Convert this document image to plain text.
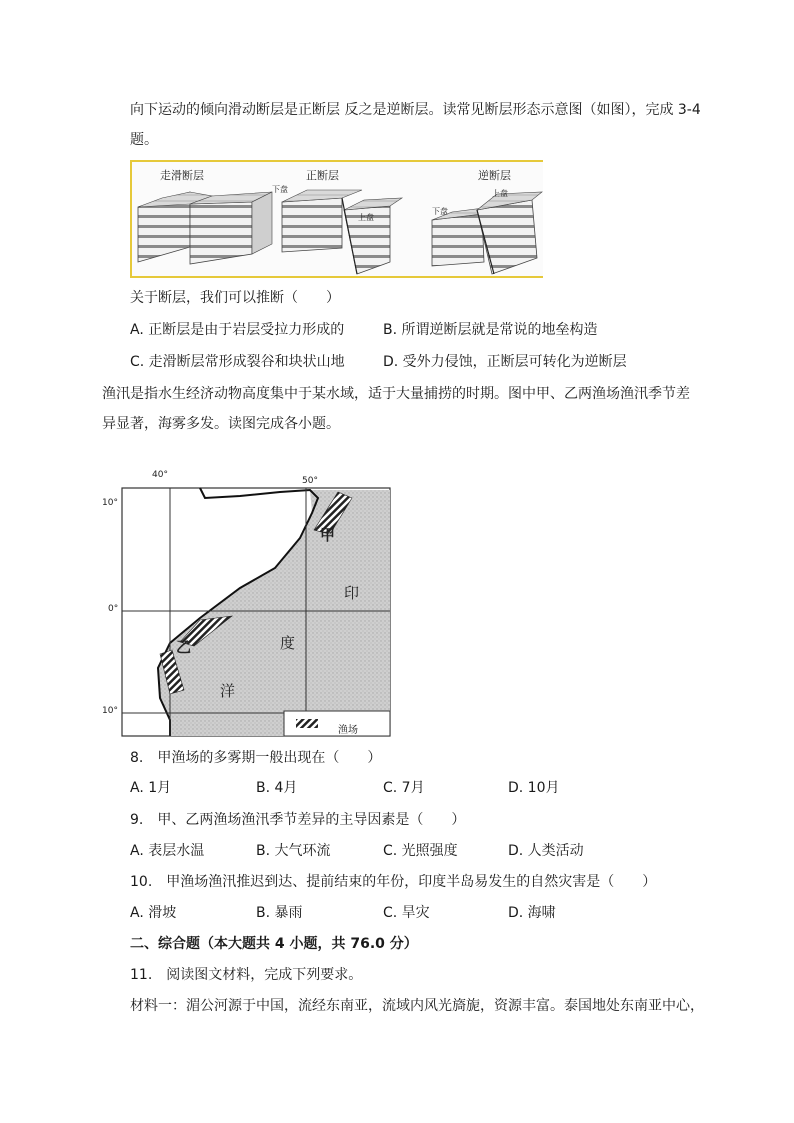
向下运动的倾向滑动断层是正断层 反之是逆断层。读常见断层形态示意图（如图），完成 3-4
题。
走滑断层	正断层	逆断层
下盘
上盘
下盘
上盘
关于断层，我们可以推断（　　）
A. 正断层是由于岩层受拉力形成的	B. 所谓逆断层就是常说的地垒构造
C. 走滑断层常形成裂谷和块状山地	D. 受外力侵蚀，正断层可转化为逆断层
渔汛是指水生经济动物高度集中于某水域，适于大量捕捞的时期。图中甲、乙两渔场渔汛季节差
异显著，海雾多发。读图完成各小题。
40°
50°
10°
0°
10°
甲
印
乙	度
洋
渔场
8.　甲渔场的多雾期一般出现在（　　）
A. 1月	B. 4月	C. 7月	D. 10月
9.　甲、乙两渔场渔汛季节差异的主导因素是（　　）
A. 表层水温	B. 大气环流	C. 光照强度	D. 人类活动
10.　甲渔场渔汛推迟到达、提前结束的年份，印度半岛易发生的自然灾害是（　　）
A. 滑坡	B. 暴雨	C. 旱灾	D. 海啸
二、综合题（本大题共 4 小题，共 76.0 分）
11.　阅读图文材料，完成下列要求。
材料一：湄公河源于中国，流经东南亚，流域内风光旖旎，资源丰富。泰国地处东南亚中心，
